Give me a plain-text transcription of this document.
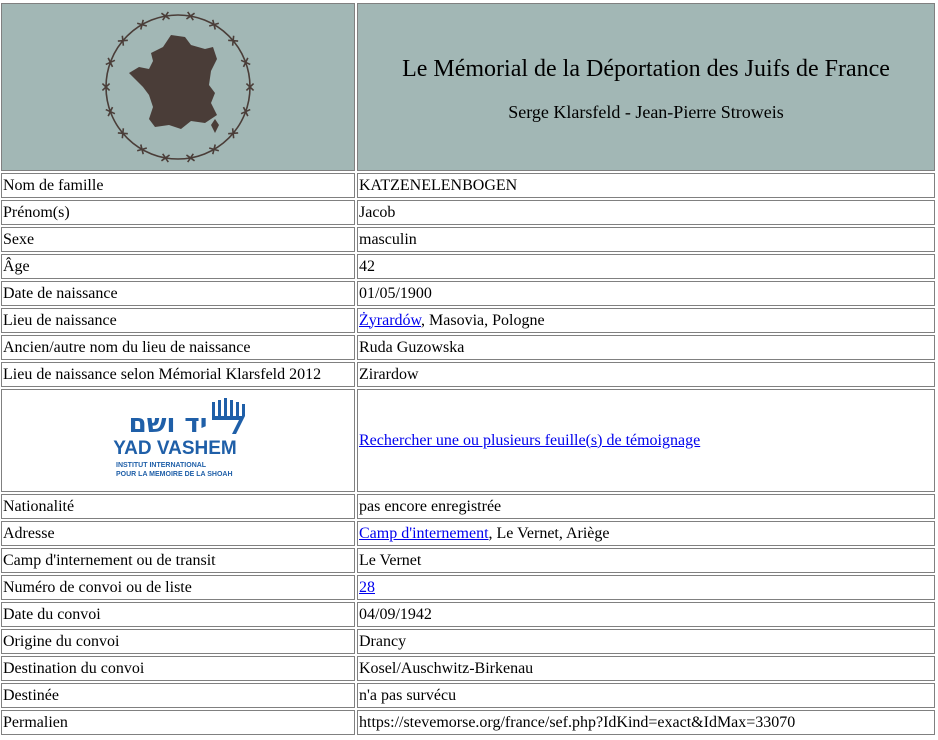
Le Mémorial de la Déportation des Juifs de France
Serge Klarsfeld - Jean-Pierre Stroweis

Nom de famille	KATZENELENBOGEN
Prénom(s)	Jacob
Sexe	masculin
Âge	42
Date de naissance	01/05/1900
Lieu de naissance	Żyrardów, Masovia, Pologne
Ancien/autre nom du lieu de naissance	Ruda Guzowska
Lieu de naissance selon Mémorial Klarsfeld 2012	Zirardow

יד ושם
YAD VASHEM
INSTITUT INTERNATIONAL
POUR LA MEMOIRE DE LA SHOAH	Rechercher une ou plusieurs feuille(s) de témoignage
Nationalité	pas encore enregistrée
Adresse	Camp d'internement, Le Vernet, Ariège
Camp d'internement ou de transit	Le Vernet
Numéro de convoi ou de liste	28
Date du convoi	04/09/1942
Origine du convoi	Drancy
Destination du convoi	Kosel/Auschwitz-Birkenau
Destinée	n'a pas survécu
Permalien	https://stevemorse.org/france/sef.php?IdKind=exact&IdMax=33070
